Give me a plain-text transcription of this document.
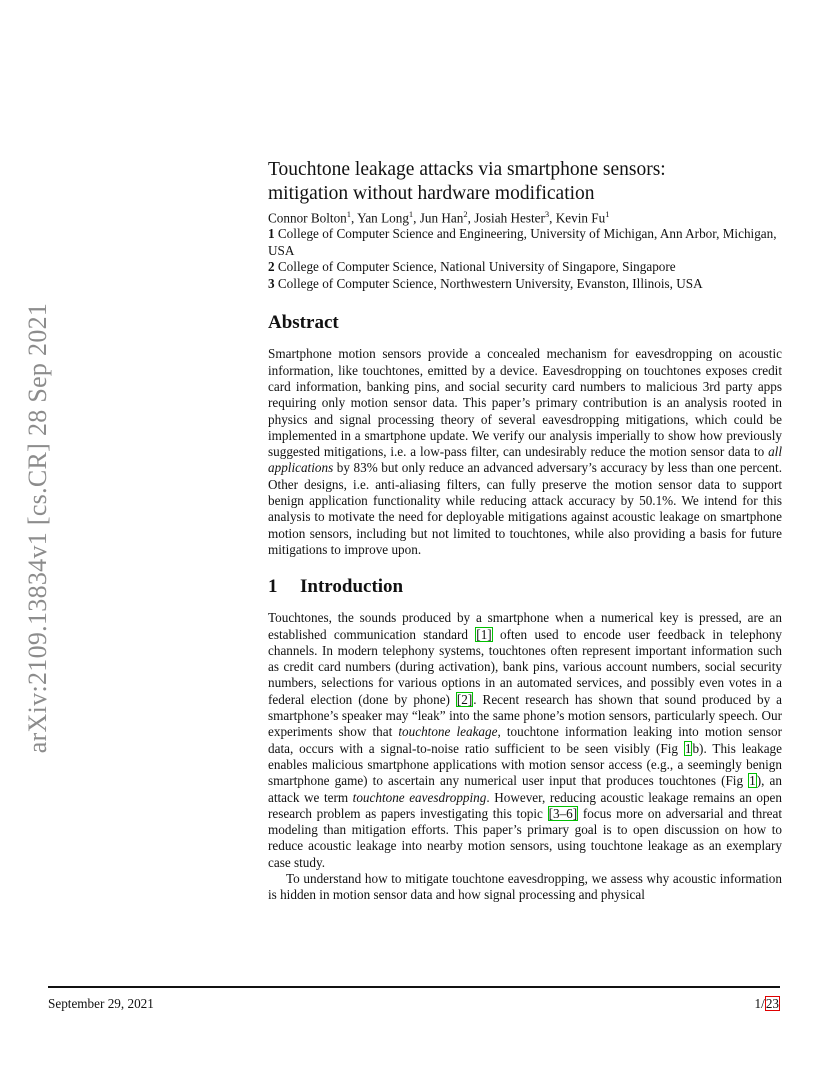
arXiv:2109.13834v1 [cs.CR] 28 Sep 2021
Touchtone leakage attacks via smartphone sensors:
mitigation without hardware modification
Connor Bolton$^1$, Yan Long$^1$, Jun Han$^2$, Josiah Hester$^3$, Kevin Fu$^1$
1 College of Computer Science and Engineering, University of Michigan, Ann Arbor, Michigan, USA
2 College of Computer Science, National University of Singapore, Singapore
3 College of Computer Science, Northwestern University, Evanston, Illinois, USA
Abstract

Smartphone motion sensors provide a concealed mechanism for eavesdropping on acoustic information, like touchtones, emitted by a device. Eavesdropping on touchtones exposes credit card information, banking pins, and social security card numbers to malicious 3rd party apps requiring only motion sensor data. This paper’s primary contribution is an analysis rooted in physics and signal processing theory of several eavesdropping mitigations, which could be implemented in a smartphone update. We verify our analysis imperially to show how previously suggested mitigations, i.e. a low-pass filter, can undesirably reduce the motion sensor data to all applications by 83% but only reduce an advanced adversary’s accuracy by less than one percent. Other designs, i.e. anti-aliasing filters, can fully preserve the motion sensor data to support benign application functionality while reducing attack accuracy by 50.1%. We intend for this analysis to motivate the need for deployable mitigations against acoustic leakage on smartphone motion sensors, including but not limited to touchtones, while also providing a basis for future mitigations to improve upon.

1 Introduction

Touchtones, the sounds produced by a smartphone when a numerical key is pressed, are an established communication standard [1] often used to encode user feedback in telephony channels. In modern telephony systems, touchtones often represent important information such as credit card numbers (during activation), bank pins, various account numbers, social security numbers, selections for various options in an automated services, and possibly even votes in a federal election (done by phone) [2]. Recent research has shown that sound produced by a smartphone’s speaker may “leak” into the same phone’s motion sensors, particularly speech. Our experiments show that touchtone leakage, touchtone information leaking into motion sensor data, occurs with a signal-to-noise ratio sufficient to be seen visibly (Fig 1b). This leakage enables malicious smartphone applications with motion sensor access (e.g., a seemingly benign smartphone game) to ascertain any numerical user input that produces touchtones (Fig 1), an attack we term touchtone eavesdropping. However, reducing acoustic leakage remains an open research problem as papers investigating this topic [3–6] focus more on adversarial and threat modeling than mitigation efforts. This paper’s primary goal is to open discussion on how to reduce acoustic leakage into nearby motion sensors, using touchtone leakage as an exemplary case study.

To understand how to mitigate touchtone eavesdropping, we assess why acoustic information is hidden in motion sensor data and how signal processing and physical

September 29, 2021	1/23
